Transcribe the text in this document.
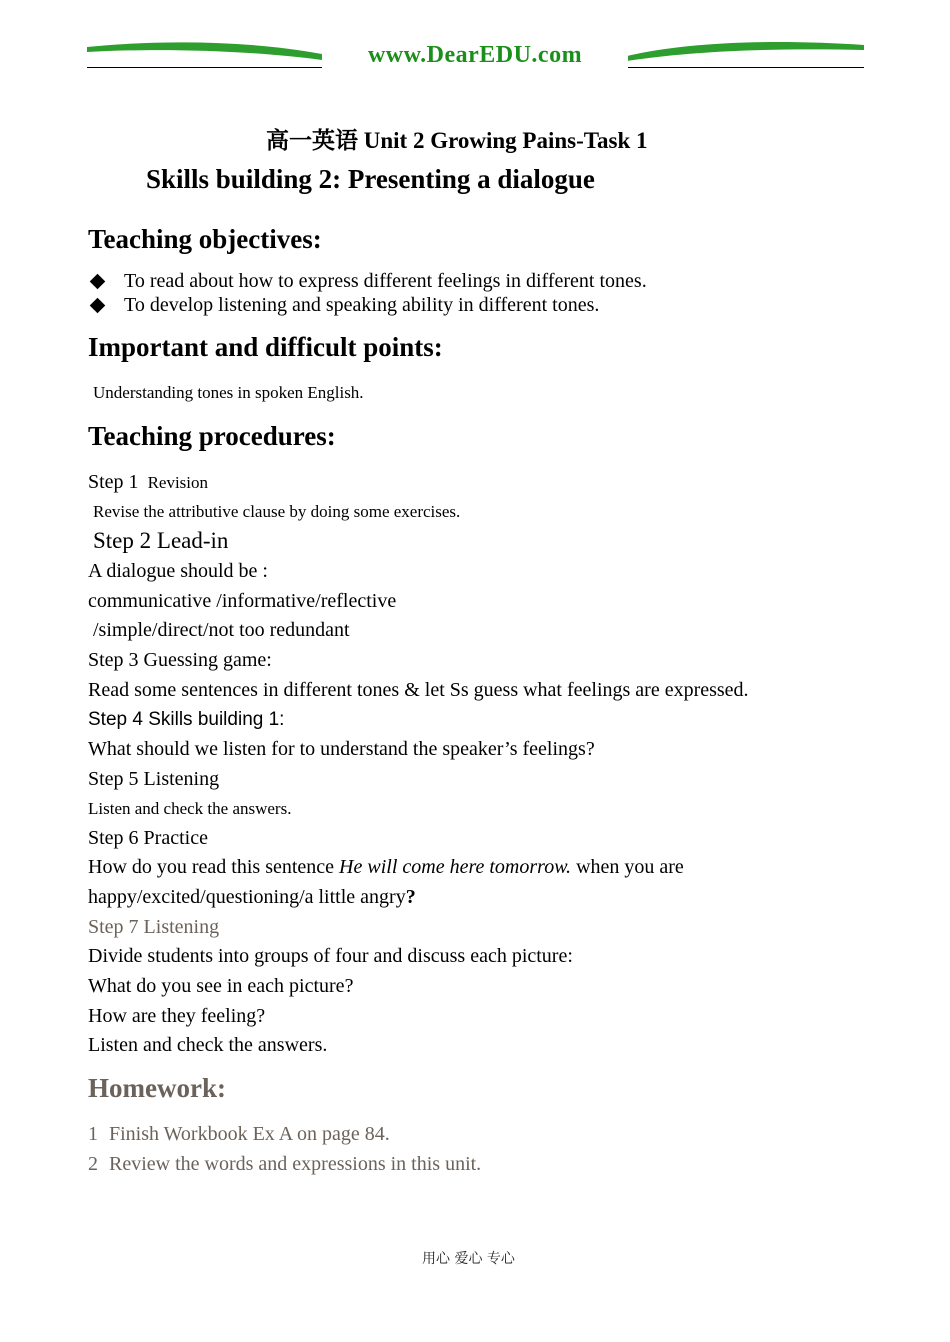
www.DearEDU.com
高一英语 Unit 2 Growing Pains-Task 1
Skills building 2: Presenting a dialogue
Teaching objectives:
To read about how to express different feelings in different tones.
To develop listening and speaking ability in different tones.
Important and difficult points:
Understanding tones in spoken English.
Teaching procedures:
Step 1 Revision
Revise the attributive clause by doing some exercises.
Step 2 Lead-in
A dialogue should be :
communicative /informative/reflective
/simple/direct/not too redundant
Step 3 Guessing game:
Read some sentences in different tones & let Ss guess what feelings are expressed.
Step 4 Skills building 1:
What should we listen for to understand the speaker’s feelings?
Step 5 Listening
Listen and check the answers.
Step 6 Practice
How do you read this sentence He will come here tomorrow. when you are
happy/excited/questioning/a little angry?
Step 7 Listening
Divide students into groups of four and discuss each picture:
What do you see in each picture?
How are they feeling?
Listen and check the answers.
Homework:
1 Finish Workbook Ex A on page 84.
2 Review the words and expressions in this unit.
用心 爱心 专心
